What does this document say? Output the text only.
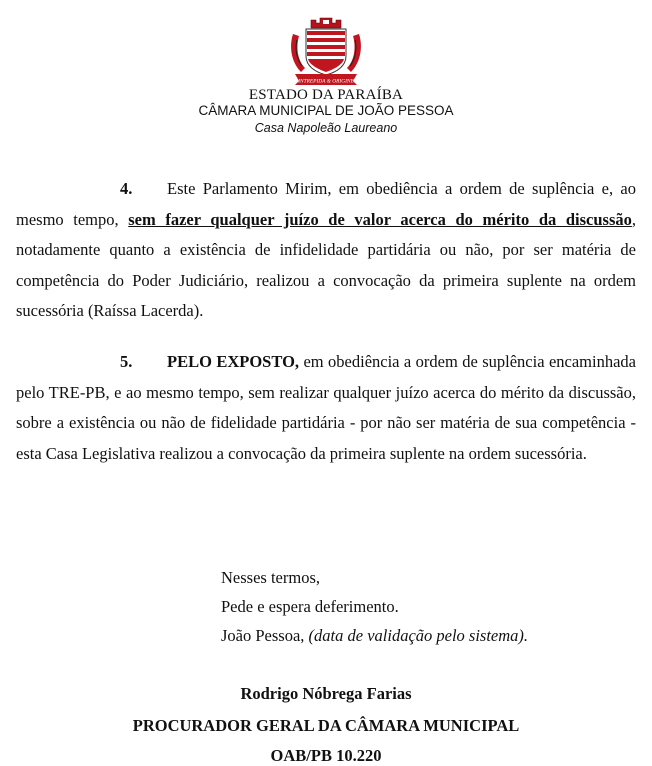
INTREPIDA & ORIGINE
ESTADO DA PARAÍBA
CÂMARA MUNICIPAL DE JOÃO PESSOA
Casa Napoleão Laureano

4. Este Parlamento Mirim, em obediência a ordem de suplência e, ao mesmo tempo, sem fazer qualquer juízo de valor acerca do mérito da discussão, notadamente quanto a existência de infidelidade partidária ou não, por ser matéria de competência do Poder Judiciário, realizou a convocação da primeira suplente na ordem sucessória (Raíssa Lacerda).

5. PELO EXPOSTO, em obediência a ordem de suplência encaminhada pelo TRE-PB, e ao mesmo tempo, sem realizar qualquer juízo acerca do mérito da discussão, sobre a existência ou não de fidelidade partidária - por não ser matéria de sua competência - esta Casa Legislativa realizou a convocação da primeira suplente na ordem sucessória.

Nesses termos,
Pede e espera deferimento.
João Pessoa, (data de validação pelo sistema).
Rodrigo Nóbrega Farias
PROCURADOR GERAL DA CÂMARA MUNICIPAL
OAB/PB 10.220
